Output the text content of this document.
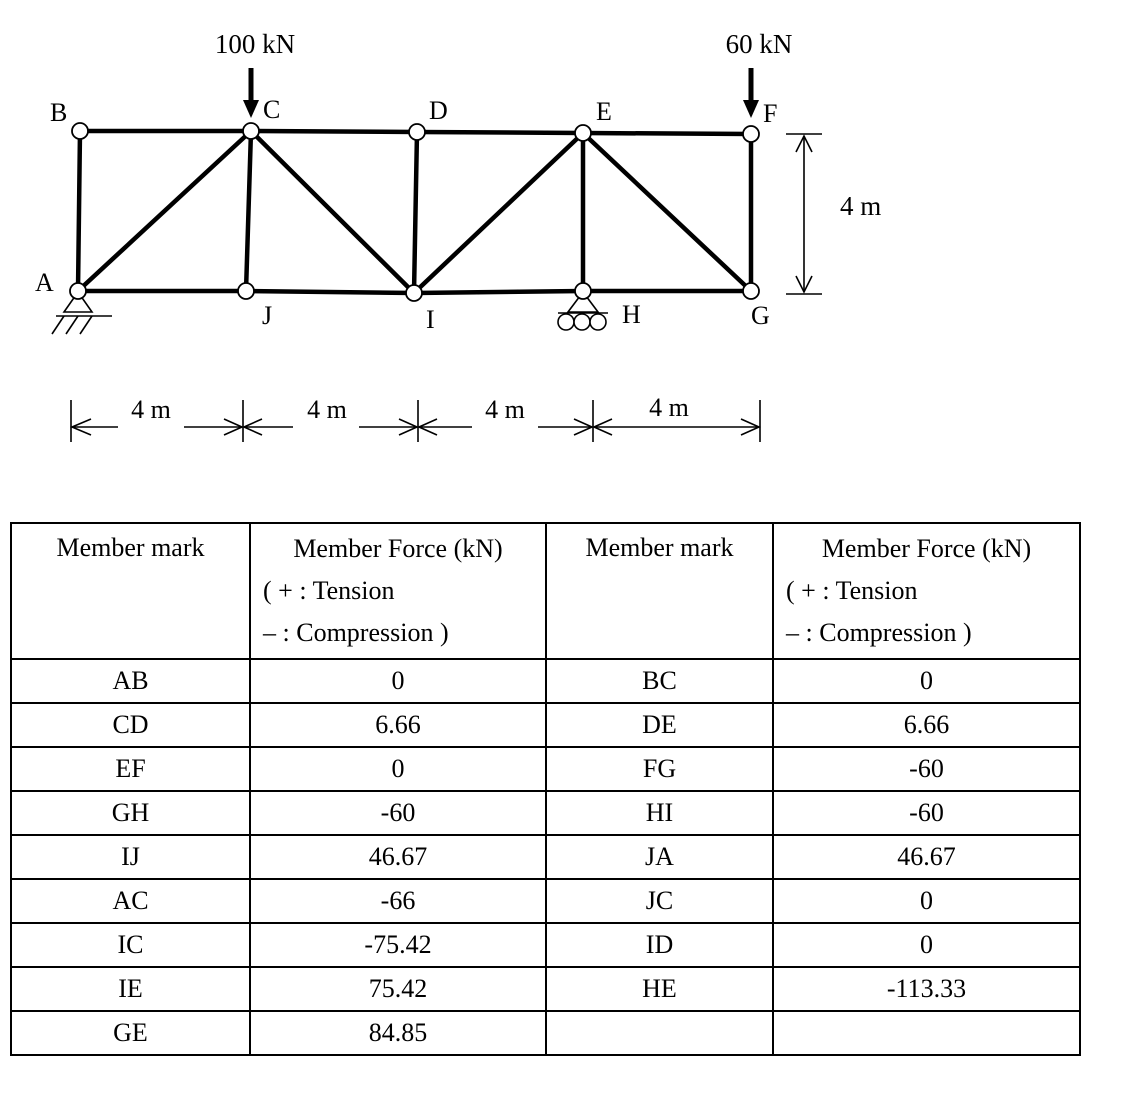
100 kN	60 kN
B	C	D	E	F
A
J	I	H	G
4 m
4 m	4 m	4 m	4 m
Member mark	Member Force (kN)
( + : Tension
– : Compression )	Member mark	Member Force (kN)
( + : Tension
– : Compression )

AB	0	BC	0
CD	6.66	DE	6.66
EF	0	FG	-60
GH	-60	HI	-60
IJ	46.67	JA	46.67
AC	-66	JC	0
IC	-75.42	ID	0
IE	75.42	HE	-113.33
GE	84.85		
